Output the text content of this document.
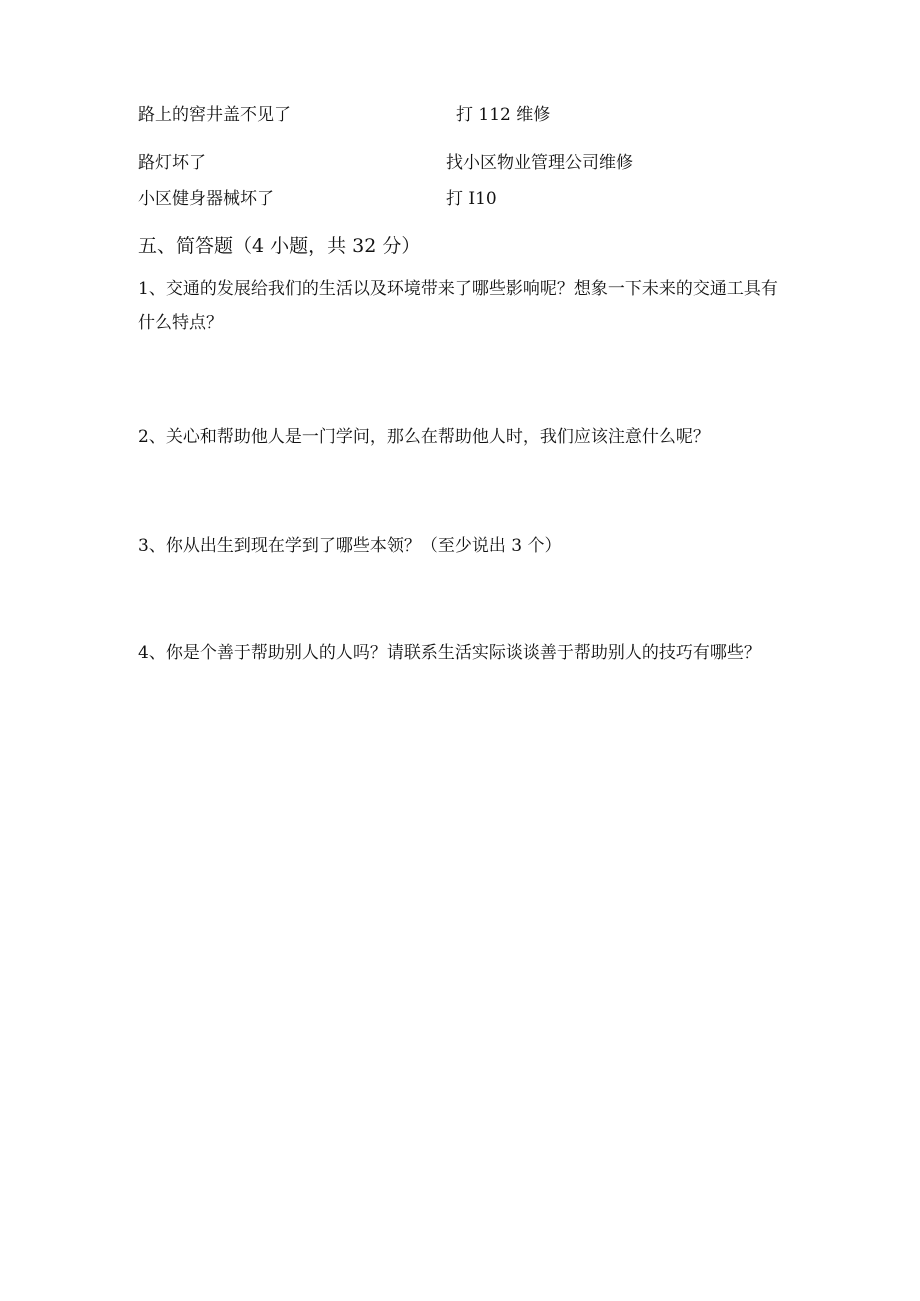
路上的窖井盖不见了	打 112 维修
路灯坏了	找小区物业管理公司维修
小区健身器械坏了	打 I10
五、简答题（4 小题，共 32 分）
1、交通的发展给我们的生活以及环境带来了哪些影响呢？想象一下未来的交通工具有什么特点？
2、关心和帮助他人是一门学问，那么在帮助他人时，我们应该注意什么呢？
3、你从出生到现在学到了哪些本领？（至少说出 3 个）
4、你是个善于帮助别人的人吗？请联系生活实际谈谈善于帮助别人的技巧有哪些？
